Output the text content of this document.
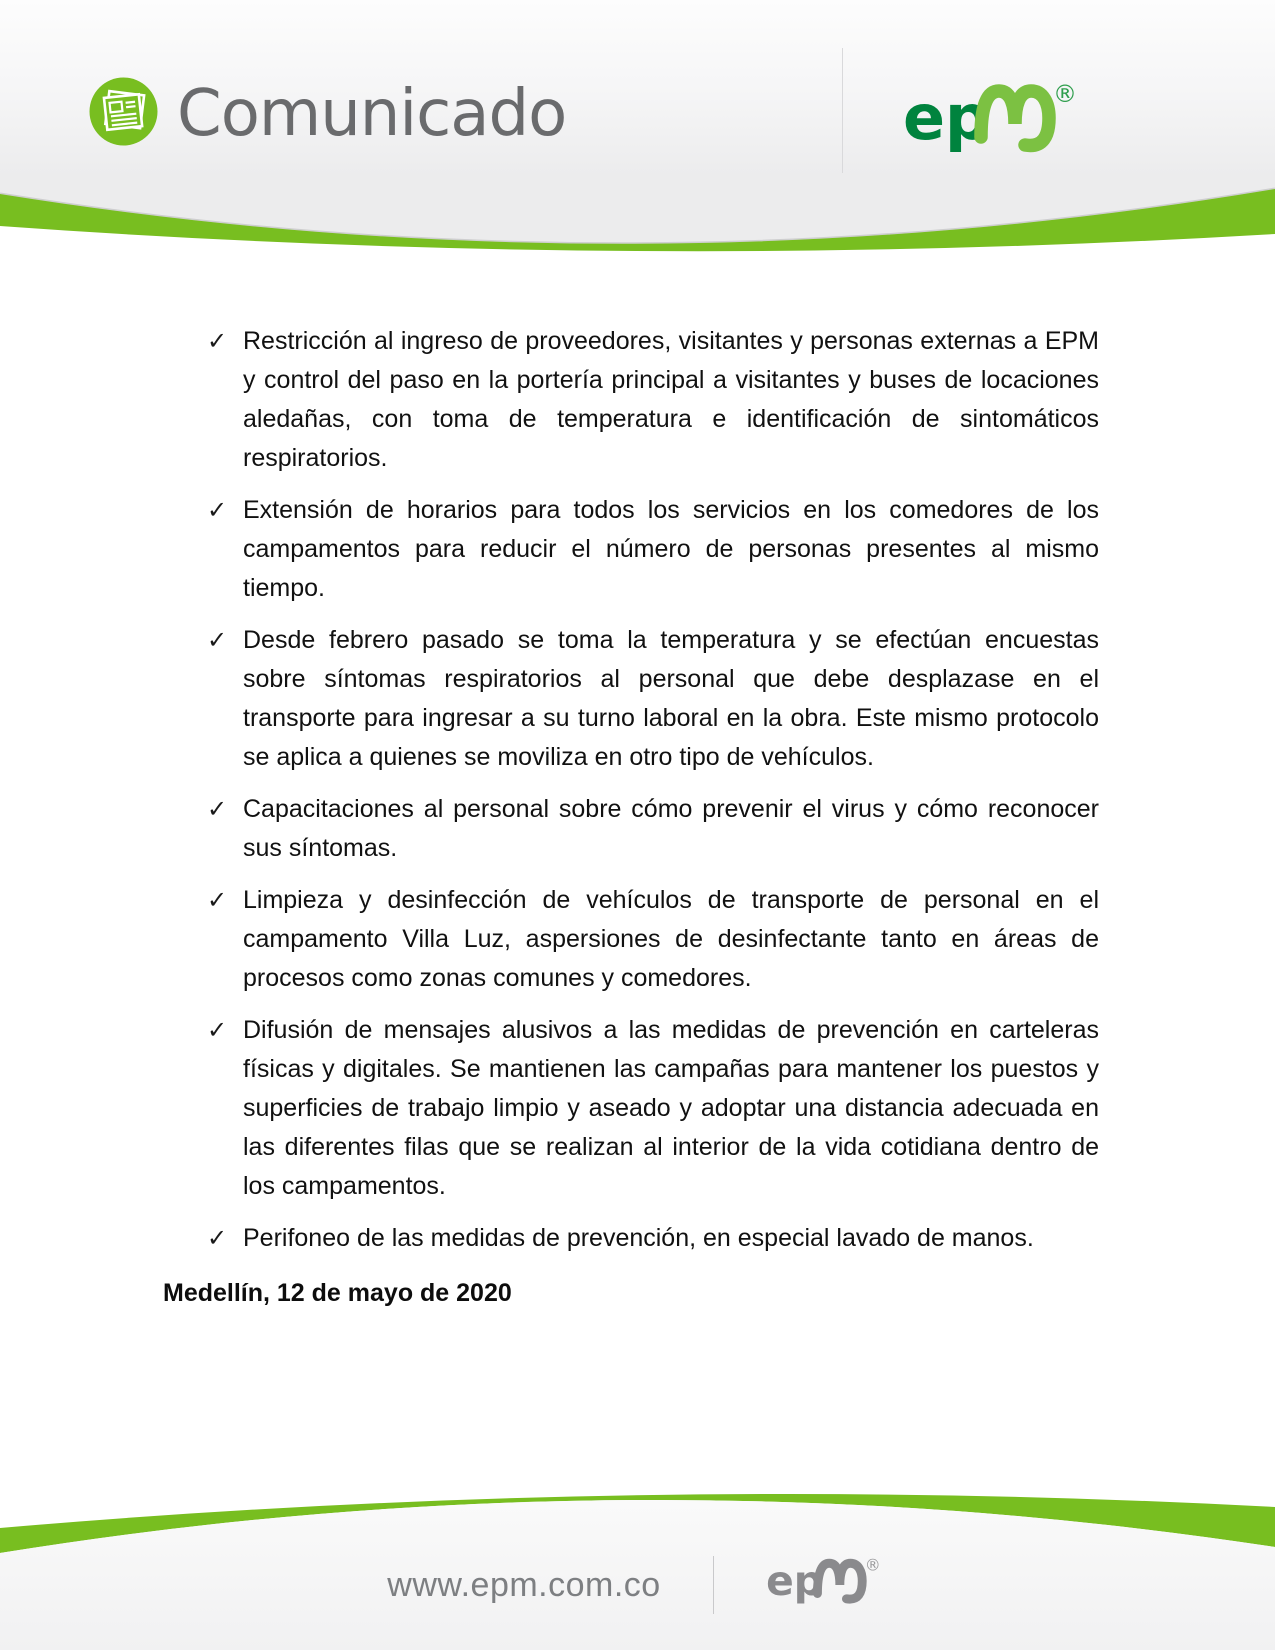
Comunicado	ep	®
✓ Restricción al ingreso de proveedores, visitantes y personas externas a EPM y control del paso en la portería principal a visitantes y buses de locaciones aledañas, con toma de temperatura e identificación de sintomáticos respiratorios.
✓ Extensión de horarios para todos los servicios en los comedores de los campamentos para reducir el número de personas presentes al mismo tiempo.
✓ Desde febrero pasado se toma la temperatura y se efectúan encuestas sobre síntomas respiratorios al personal que debe desplazase en el transporte para ingresar a su turno laboral en la obra. Este mismo protocolo se aplica a quienes se moviliza en otro tipo de vehículos.
✓ Capacitaciones al personal sobre cómo prevenir el virus y cómo reconocer sus síntomas.
✓ Limpieza y desinfección de vehículos de transporte de personal en el campamento Villa Luz, aspersiones de desinfectante tanto en áreas de procesos como zonas comunes y comedores.
✓ Difusión de mensajes alusivos a las medidas de prevención en carteleras físicas y digitales. Se mantienen las campañas para mantener los puestos y superficies de trabajo limpio y aseado y adoptar una distancia adecuada en las diferentes filas que se realizan al interior de la vida cotidiana dentro de los campamentos.
✓ Perifoneo de las medidas de prevención, en especial lavado de manos.
Medellín, 12 de mayo de 2020
www.epm.com.co ep ®
